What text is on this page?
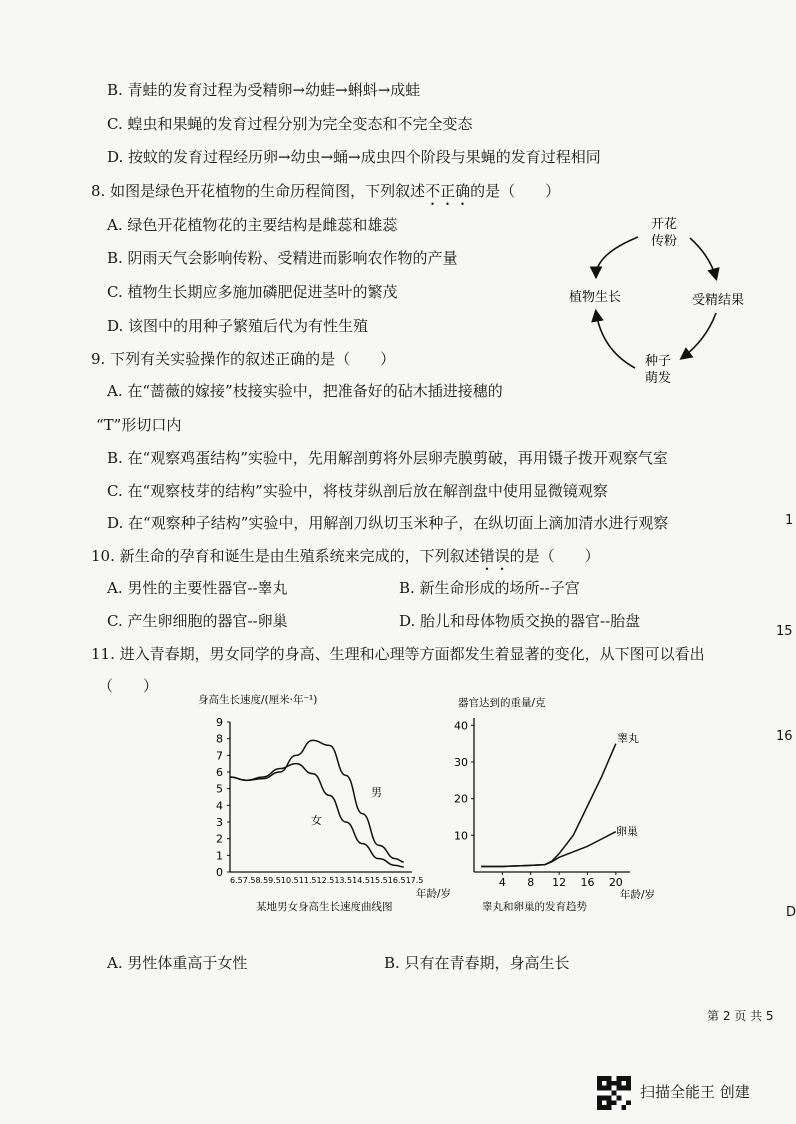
B. 青蛙的发育过程为受精卵→幼蛙→蝌蚪→成蛙
C. 蝗虫和果蝇的发育过程分别为完全变态和不完全变态
D. 按蚊的发育过程经历卵→幼虫→蛹→成虫四个阶段与果蝇的发育过程相同
8. 如图是绿色开花植物的生命历程简图，下列叙述不正确的是（　　）
A. 绿色开花植物花的主要结构是雌蕊和雄蕊
B. 阴雨天气会影响传粉、受精进而影响农作物的产量
C. 植物生长期应多施加磷肥促进茎叶的繁茂
D. 该图中的用种子繁殖后代为有性生殖
开花
传粉
受精结果
种子
萌发
植物生长
9. 下列有关实验操作的叙述正确的是（　　）
A. 在“蔷薇的嫁接”枝接实验中，把准备好的砧木插进接穗的
“T”形切口内
B. 在“观察鸡蛋结构”实验中，先用解剖剪将外层卵壳膜剪破，再用镊子拨开观察气室
C. 在“观察枝芽的结构”实验中，将枝芽纵剖后放在解剖盘中使用显微镜观察
D. 在“观察种子结构”实验中，用解剖刀纵切玉米种子，在纵切面上滴加清水进行观察
10. 新生命的孕育和诞生是由生殖系统来完成的，下列叙述错误的是（　　）
A. 男性的主要性器官--睾丸	B. 新生命形成的场所--子宫
C. 产生卵细胞的器官--卵巢	D. 胎儿和母体物质交换的器官--胎盘
11. 进入青春期，男女同学的身高、生理和心理等方面都发生着显著的变化，从下图可以看出
（　　）
身高生长速度/(厘米·年⁻¹)
0
1
2
3
4
5
6
7
8
9
6.57.58.59.510.511.512.513.514.515.516.517.5
年龄/岁
某地男女身高生长速度曲线图
男
女
器官达到的重量/克
10
20
30
40
4 8 12 16 20
年龄/岁
睾丸和卵巢的发育趋势
睾丸
卵巢
A. 男性体重高于女性	B. 只有在青春期，身高生长
1
15
16
D
第 2 页 共 5
扫描全能王 创建
